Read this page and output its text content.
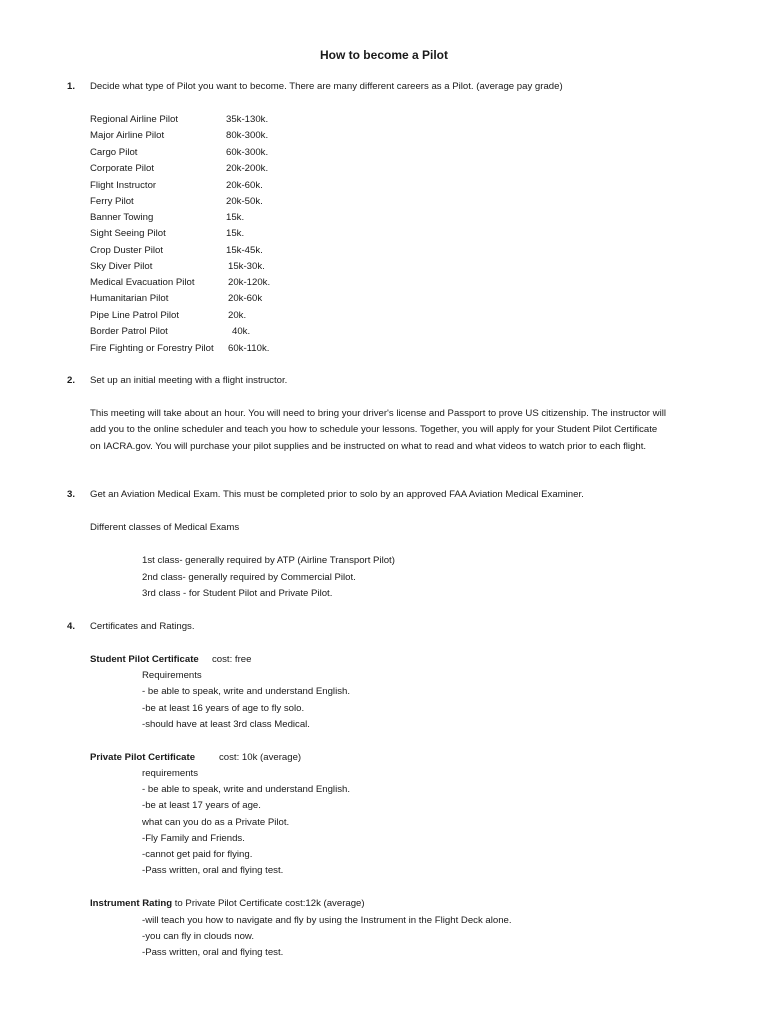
How to become a Pilot
1. Decide what type of Pilot you want to become. There are many different careers as a Pilot. (average pay grade)
Regional Airline Pilot	35k-130k.
Major Airline Pilot	80k-300k.
Cargo Pilot	60k-300k.
Corporate Pilot	20k-200k.
Flight Instructor	20k-60k.
Ferry Pilot	20k-50k.
Banner Towing	15k.
Sight Seeing Pilot	15k.
Crop Duster Pilot	15k-45k.
Sky Diver Pilot	15k-30k.
Medical Evacuation Pilot	20k-120k.
Humanitarian Pilot	20k-60k
Pipe Line Patrol Pilot	20k.
Border Patrol Pilot	40k.
Fire Fighting or Forestry Pilot 60k-110k.
2. Set up an initial meeting with a flight instructor.
This meeting will take about an hour. You will need to bring your driver's license and Passport to prove US citizenship. The instructor will
add you to the online scheduler and teach you how to schedule your lessons. Together, you will apply for your Student Pilot Certificate
on IACRA.gov. You will purchase your pilot supplies and be instructed on what to read and what videos to watch prior to each flight.
3. Get an Aviation Medical Exam. This must be completed prior to solo by an approved FAA Aviation Medical Examiner.
Different classes of Medical Exams
1st class- generally required by ATP (Airline Transport Pilot)
2nd class- generally required by Commercial Pilot.
3rd class - for Student Pilot and Private Pilot.
4. Certificates and Ratings.
Student Pilot Certificate cost: free
Requirements
- be able to speak, write and understand English.
-be at least 16 years of age to fly solo.
-should have at least 3rd class Medical.
Private Pilot Certificate cost: 10k (average)
requirements
- be able to speak, write and understand English.
-be at least 17 years of age.
what can you do as a Private Pilot.
-Fly Family and Friends.
-cannot get paid for flying.
-Pass written, oral and flying test.
Instrument Rating to Private Pilot Certificate cost:12k (average)
-will teach you how to navigate and fly by using the Instrument in the Flight Deck alone.
-you can fly in clouds now.
-Pass written, oral and flying test.
